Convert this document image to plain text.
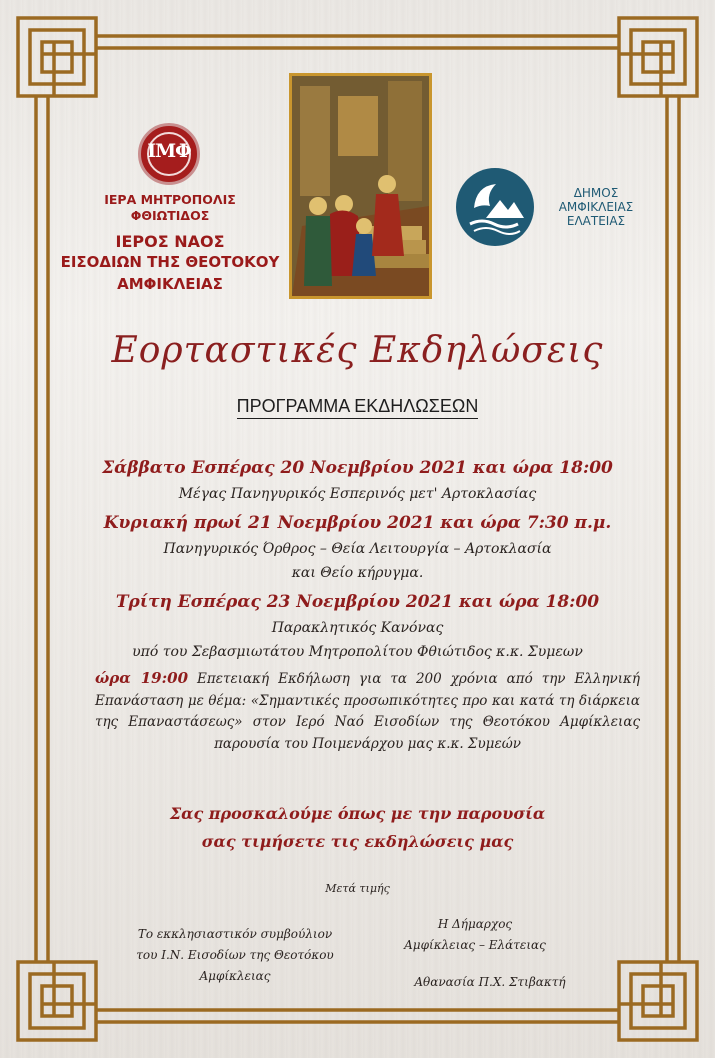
ΙΜΦ
ΙΕΡΑ ΜΗΤΡΟΠΟΛΙΣ
ΦΘΙΩΤΙΔΟΣ
ΙΕΡΟΣ ΝΑΟΣ
ΕΙΣΟΔΙΩΝ ΤΗΣ ΘΕΟΤΟΚΟΥ
ΑΜΦΙΚΛΕΙΑΣ
ΔΗΜΟΣ
ΑΜΦΙΚΛΕΙΑΣ
ΕΛΑΤΕΙΑΣ
Εορταστικές Εκδηλώσεις
ΠΡΟΓΡΑΜΜΑ ΕΚΔΗΛΩΣΕΩΝ
Σάββατο Εσπέρας 20 Νοεμβρίου 2021 και ώρα 18:00
Μέγας Πανηγυρικός Εσπερινός μετ' Αρτοκλασίας
Κυριακή πρωί 21 Νοεμβρίου 2021 και ώρα 7:30 π.μ.
Πανηγυρικός Όρθρος – Θεία Λειτουργία – Αρτοκλασία
και Θείο κήρυγμα.
Τρίτη Εσπέρας 23 Νοεμβρίου 2021 και ώρα 18:00
Παρακλητικός Κανόνας
υπό του Σεβασμιωτάτου Μητροπολίτου Φθιώτιδος κ.κ. Συμεων
ώρα 19:00 Επετειακή Εκδήλωση για τα 200 χρόνια από την Ελληνική Επανάσταση με θέμα: «Σημαντικές προσωπικότητες προ και κατά τη διάρκεια της Επαναστάσεως» στον Ιερό Ναό Εισοδίων της Θεοτόκου Αμφίκλειας παρουσία του Ποιμενάρχου μας κ.κ. Συμεών
Σας προσκαλούμε όπως με την παρουσία
σας τιμήσετε τις εκδηλώσεις μας
Μετά τιμής
Το εκκλησιαστικόν συμβούλιον
του Ι.Ν. Εισοδίων της Θεοτόκου
Αμφίκλειας
Η Δήμαρχος
Αμφίκλειας – Ελάτειας
Αθανασία Π.Χ. Στιβακτή
